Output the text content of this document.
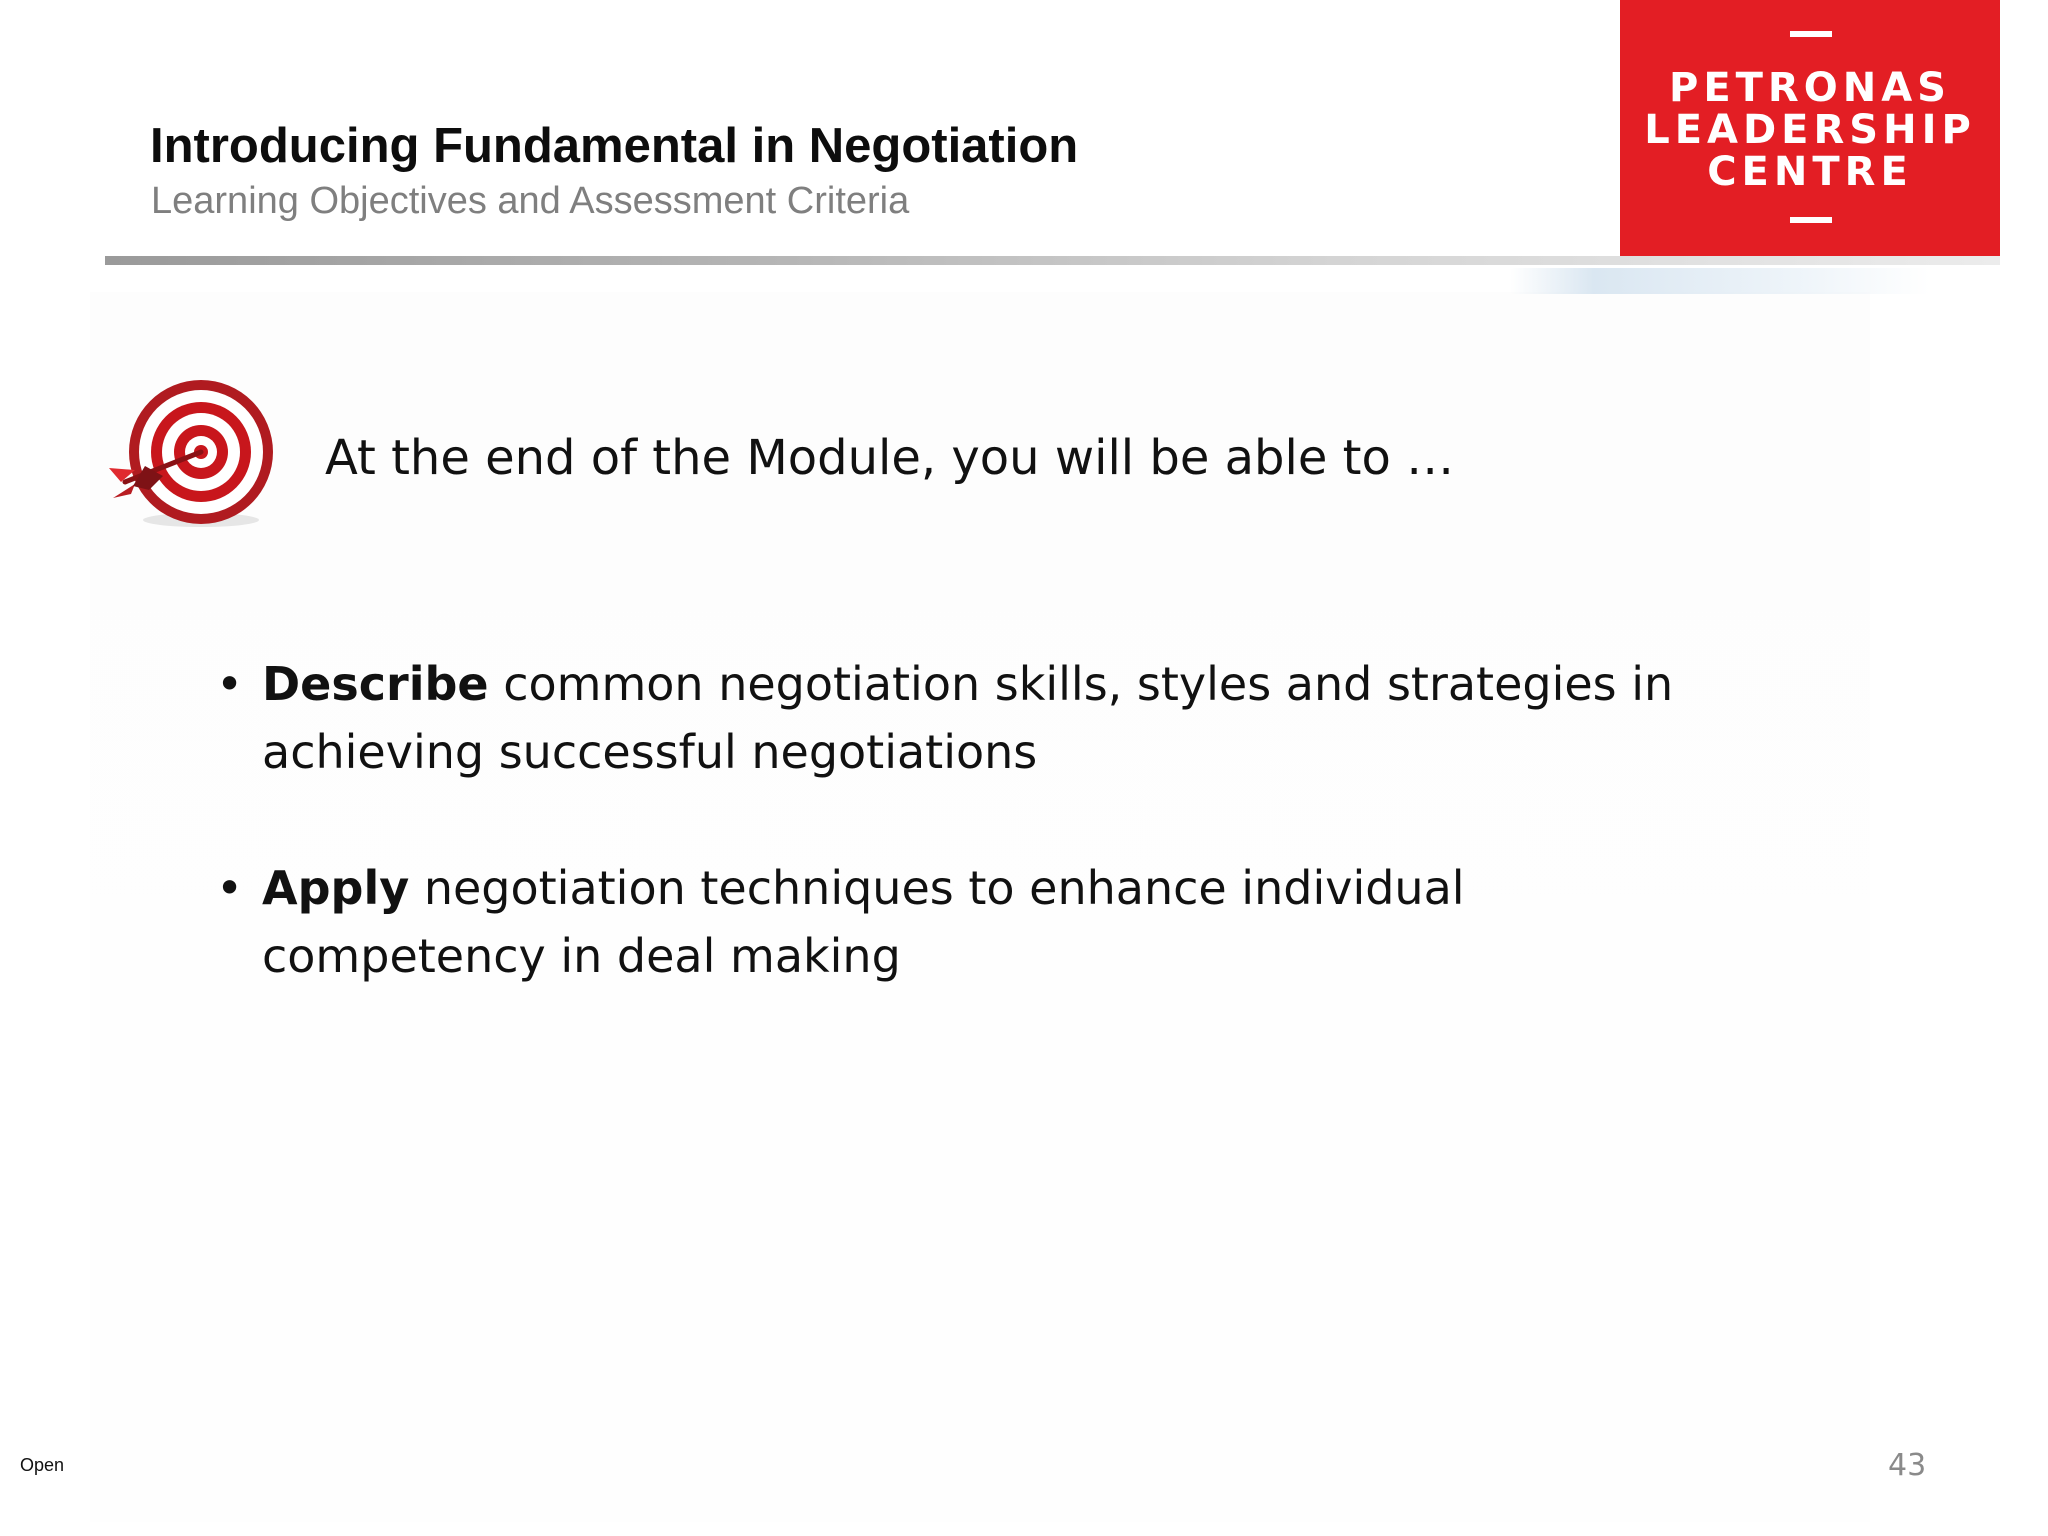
Introducing Fundamental in Negotiation

Learning Objectives and Assessment Criteria

PETRONAS
LEADERSHIP
CENTRE

At the end of the Module, you will be able to …

• Describe common negotiation skills, styles and strategies in achieving successful negotiations
• Apply negotiation techniques to enhance individual competency in deal making
Open	43
